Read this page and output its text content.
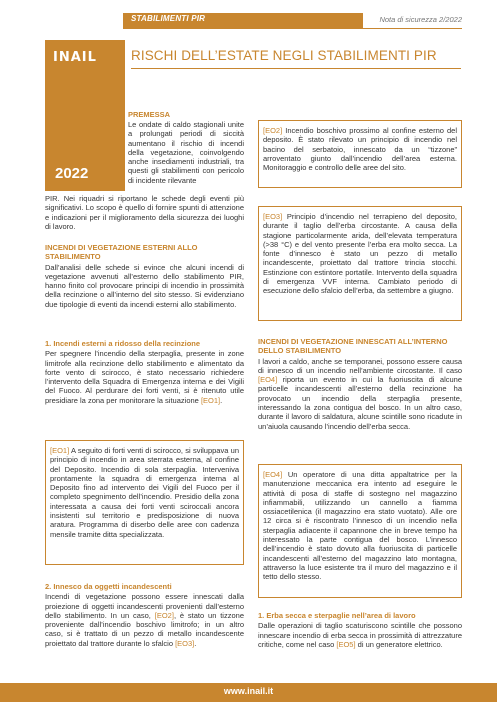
STABILIMENTI PIR	Nota di sicurezza 2/2022
INAIL
2022
RISCHI DELL’ESTATE NEGLI STABILIMENTI PIR
PREMESSA
Le ondate di caldo stagionali unite a prolungati periodi di siccità aumentano il rischio di incendi della vegetazione, coinvolgendo anche insediamenti industriali, tra questi gli stabilimenti con pericolo di incidente rilevante
PIR. Nei riquadri si riportano le schede degli eventi più significativi. Lo scopo è quello di fornire spunti di attenzione e indicazioni per il miglioramento della sicurezza dei luoghi di lavoro.
INCENDI DI VEGETAZIONE ESTERNI ALLO STABILIMENTO
Dall’analisi delle schede si evince che alcuni incendi di vegetazione avvenuti all’esterno dello stabilimento PIR, hanno finito col provocare principi di incendio in prossimità della recinzione o all’interno del sito stesso. Si evidenziano due tipologie di eventi da incendi esterni allo stabilimento.
1. Incendi esterni a ridosso della recinzione
Per spegnere l’incendio della sterpaglia, presente in zone limitrofe alla recinzione dello stabilimento e alimentato da forte vento di scirocco, è stato necessario richiedere l’intervento della Squadra di Emergenza interna e dei Vigili del Fuoco. Al perdurare dei forti venti, si è ritenuto utile presidiare la zona per monitorare la situazione [EO1].
[EO1] A seguito di forti venti di scirocco, si sviluppava un principio di incendio in area sterrata esterna, al confine del Deposito. Incendio di sola sterpaglia. Interveniva prontamente la squadra di emergenza interna al Deposito fino ad intervento dei Vigili del Fuoco per il completo spegnimento dell’incendio. Presidio della zona interessata a causa dei forti venti sciroccali ancora insistenti sul territorio e predisposizione di nuova aratura. Programma di diserbo delle aree con cadenza mensile tramite ditta specializzata.
2. Innesco da oggetti incandescenti
Incendi di vegetazione possono essere innescati dalla proiezione di oggetti incandescenti provenienti dall’esterno dello stabilimento. In un caso, [EO2], è stato un tizzone proveniente dall’incendio boschivo limitrofo; in un altro caso, si è trattato di un pezzo di metallo incandescente proiettato dal trattore durante lo sfalcio [EO3].
[EO2] Incendio boschivo prossimo al confine esterno del deposito. È stato rilevato un principio di incendio nel bacino del serbatoio, innescato da un “tizzone” arroventato giunto dall’incendio dell’area esterna. Monitoraggio e controllo delle aree del sito.
[EO3] Principio d’incendio nel terrapieno del deposito, durante il taglio dell’erba circostante. A causa della stagione particolarmente arida, dell’elevata temperatura (>38 °C) e del vento presente l’erba era molto secca. La fonte d’innesco è stato un pezzo di metallo incandescente, proiettato dal trattore trincia stocchi. Estinzione con estintore portatile. Intervento della squadra di emergenza VVF interna. Cambiato periodo di esecuzione dello sfalcio dell’erba, da settembre a giugno.
INCENDI DI VEGETAZIONE INNESCATI ALL’INTERNO DELLO STABILIMENTO
I lavori a caldo, anche se temporanei, possono essere causa di innesco di un incendio nell’ambiente circostante. Il caso [EO4] riporta un evento in cui la fuoriuscita di alcune particelle incandescenti all’esterno della recinzione ha provocato un incendio della sterpaglia presente, interessando la zona contigua del bosco. In un altro caso, durante il lavoro di saldatura, alcune scintille sono ricadute in un’aiuola causando l’incendio dell’erba secca.
[EO4] Un operatore di una ditta appaltatrice per la manutenzione meccanica era intento ad eseguire le attività di posa di staffe di sostegno nel magazzino infiammabili, utilizzando un cannello a fiamma ossiacetilenica (il magazzino era stato vuotato). Alle ore 12 circa si è riscontrato l’innesco di un incendio nella sterpaglia adiacente il capannone che in breve tempo ha interessato la parte contigua del bosco. L’innesco dell’incendio è stato dovuto alla fuoriuscita di particelle incandescenti all’esterno del magazzino lato montagna, attraverso la luce esistente tra il muro del magazzino e il tetto dello stesso.
1. Erba secca e sterpaglie nell’area di lavoro
Dalle operazioni di taglio scaturiscono scintille che possono innescare incendio di erba secca in prossimità di attrezzature critiche, come nel caso [EO5] di un generatore elettrico.
www.inail.it
